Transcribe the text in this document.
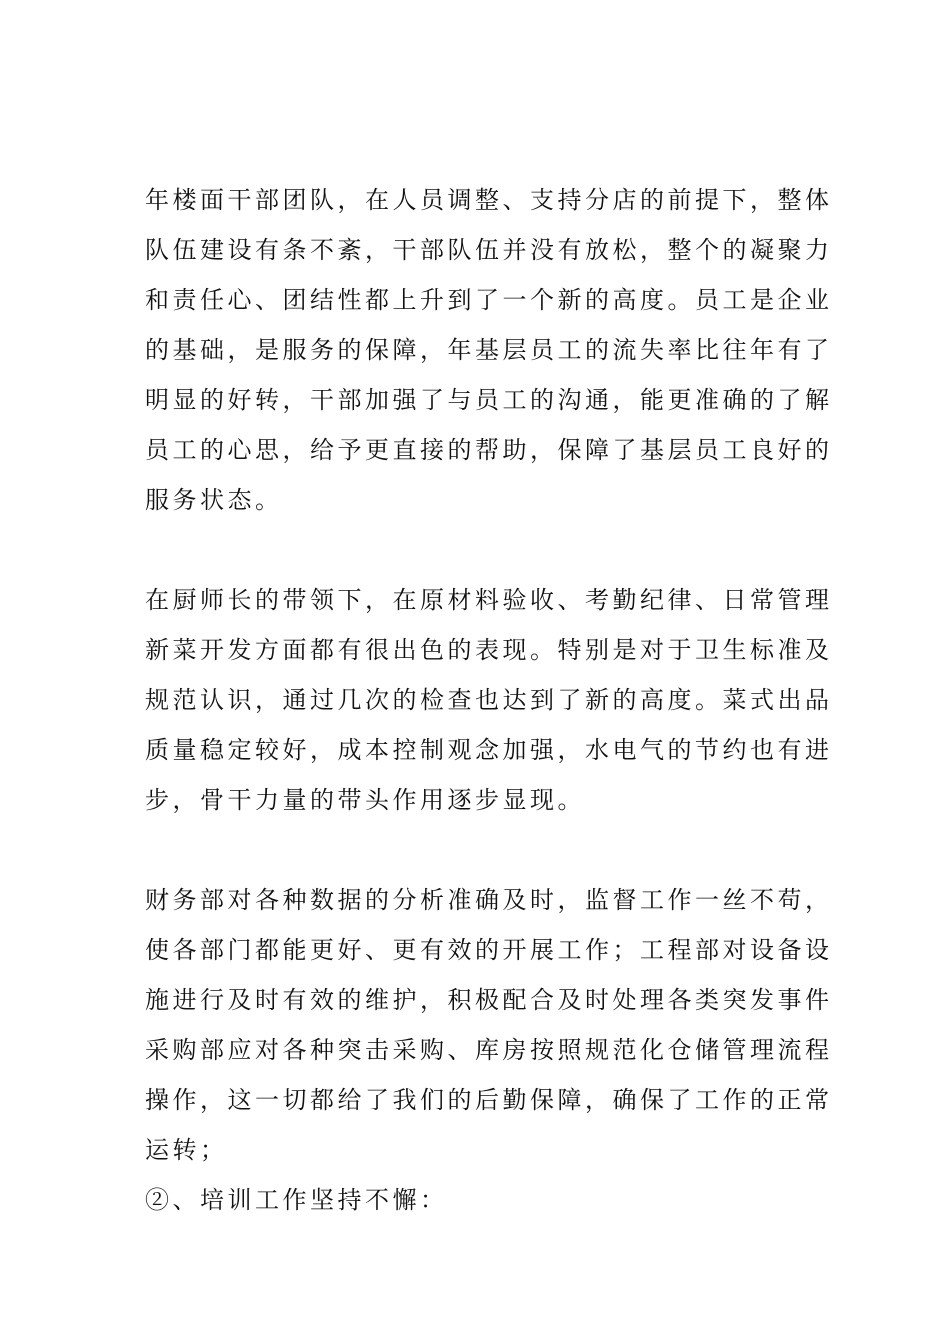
年楼面干部团队，在人员调整、支持分店的前提下，整体
队伍建设有条不紊，干部队伍并没有放松，整个的凝聚力
和责任心、团结性都上升到了一个新的高度。员工是企业
的基础，是服务的保障，年基层员工的流失率比往年有了
明显的好转，干部加强了与员工的沟通，能更准确的了解
员工的心思，给予更直接的帮助，保障了基层员工良好的
服务状态。
在厨师长的带领下，在原材料验收、考勤纪律、日常管理
新菜开发方面都有很出色的表现。特别是对于卫生标准及
规范认识，通过几次的检查也达到了新的高度。菜式出品
质量稳定较好，成本控制观念加强，水电气的节约也有进
步，骨干力量的带头作用逐步显现。
财务部对各种数据的分析准确及时，监督工作一丝不苟，
使各部门都能更好、更有效的开展工作；工程部对设备设
施进行及时有效的维护，积极配合及时处理各类突发事件
采购部应对各种突击采购、库房按照规范化仓储管理流程
操作，这一切都给了我们的后勤保障，确保了工作的正常
运转；
②、培训工作坚持不懈：
